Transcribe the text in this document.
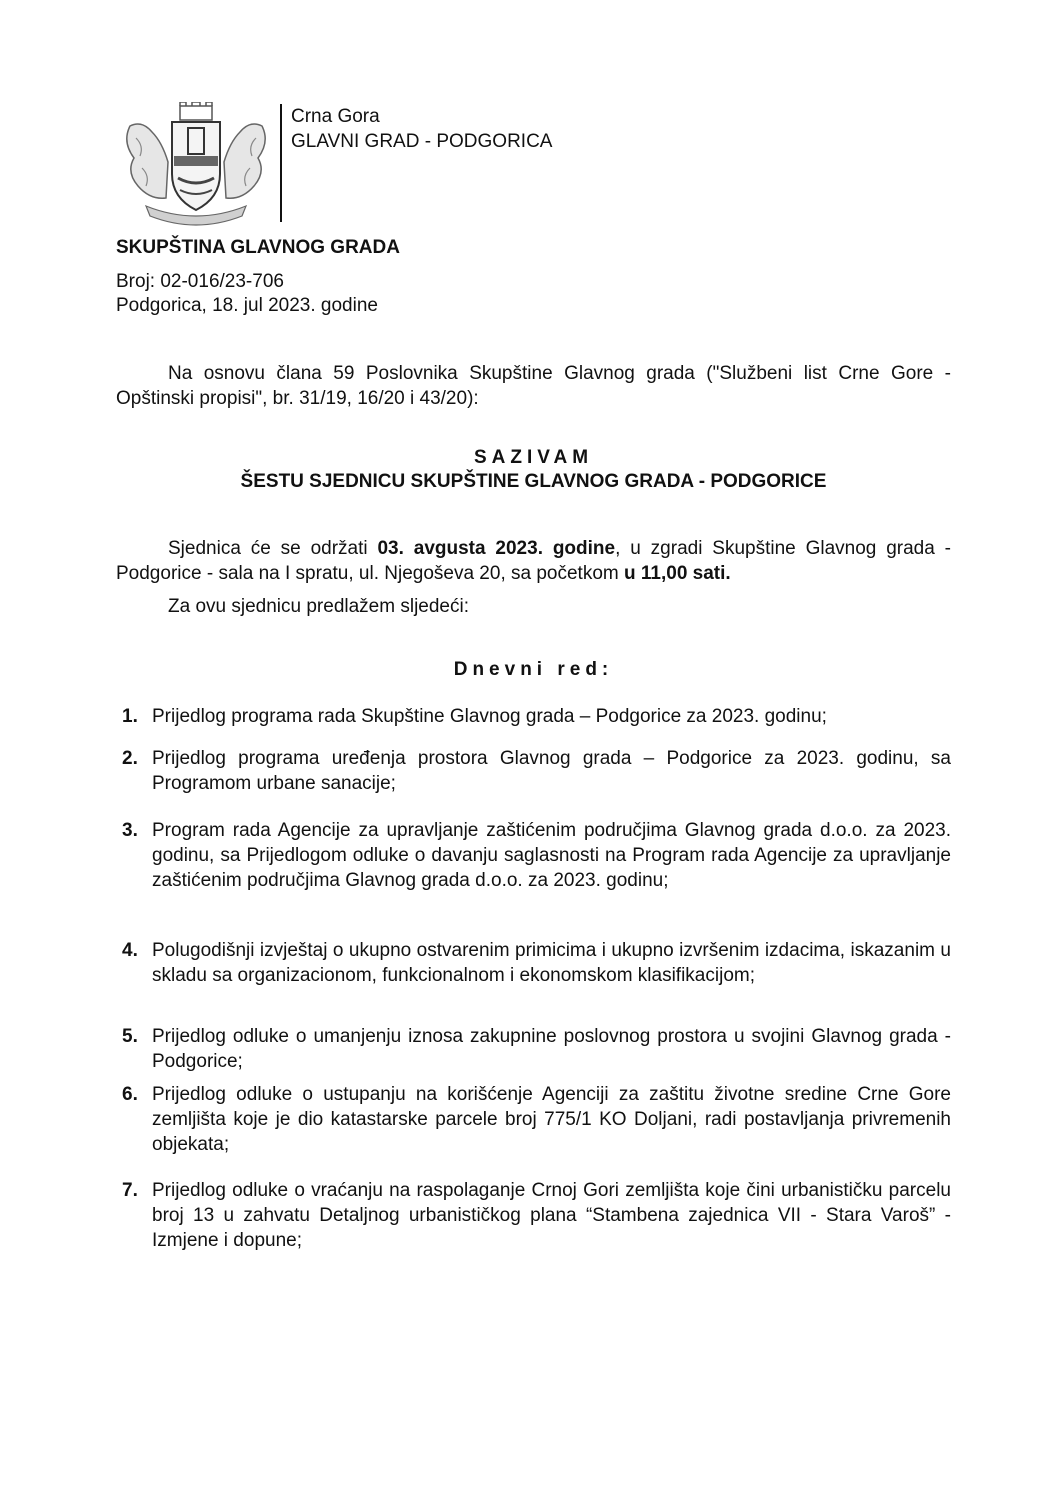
Crna Gora
GLAVNI GRAD - PODGORICA
SKUPŠTINA GLAVNOG GRADA
Broj: 02-016/23-706
Podgorica, 18. jul 2023. godine
Na osnovu člana 59 Poslovnika Skupštine Glavnog grada ("Službeni list Crne Gore - Opštinski propisi", br. 31/19, 16/20 i 43/20):
SAZIVAM
ŠESTU SJEDNICU SKUPŠTINE GLAVNOG GRADA - PODGORICE
Sjednica će se održati 03. avgusta 2023. godine, u zgradi Skupštine Glavnog grada - Podgorice - sala na I spratu, ul. Njegoševa 20, sa početkom u 11,00 sati.
Za ovu sjednicu predlažem sljedeći:
Dnevni red:
1. Prijedlog programa rada Skupštine Glavnog grada – Podgorice za 2023. godinu;
2. Prijedlog programa uređenja prostora Glavnog grada – Podgorice za 2023. godinu, sa Programom urbane sanacije;
3. Program rada Agencije za upravljanje zaštićenim područjima Glavnog grada d.o.o. za 2023. godinu, sa Prijedlogom odluke o davanju saglasnosti na Program rada Agencije za upravljanje zaštićenim područjima Glavnog grada d.o.o. za 2023. godinu;
4. Polugodišnji izvještaj o ukupno ostvarenim primicima i ukupno izvršenim izdacima, iskazanim u skladu sa organizacionom, funkcionalnom i ekonomskom klasifikacijom;
5. Prijedlog odluke o umanjenju iznosa zakupnine poslovnog prostora u svojini Glavnog grada - Podgorice;
6. Prijedlog odluke o ustupanju na korišćenje Agenciji za zaštitu životne sredine Crne Gore zemljišta koje je dio katastarske parcele broj 775/1 KO Doljani, radi postavljanja privremenih objekata;
7. Prijedlog odluke o vraćanju na raspolaganje Crnoj Gori zemljišta koje čini urbanističku parcelu broj 13 u zahvatu Detaljnog urbanističkog plana “Stambena zajednica VII - Stara Varoš” - Izmjene i dopune;
